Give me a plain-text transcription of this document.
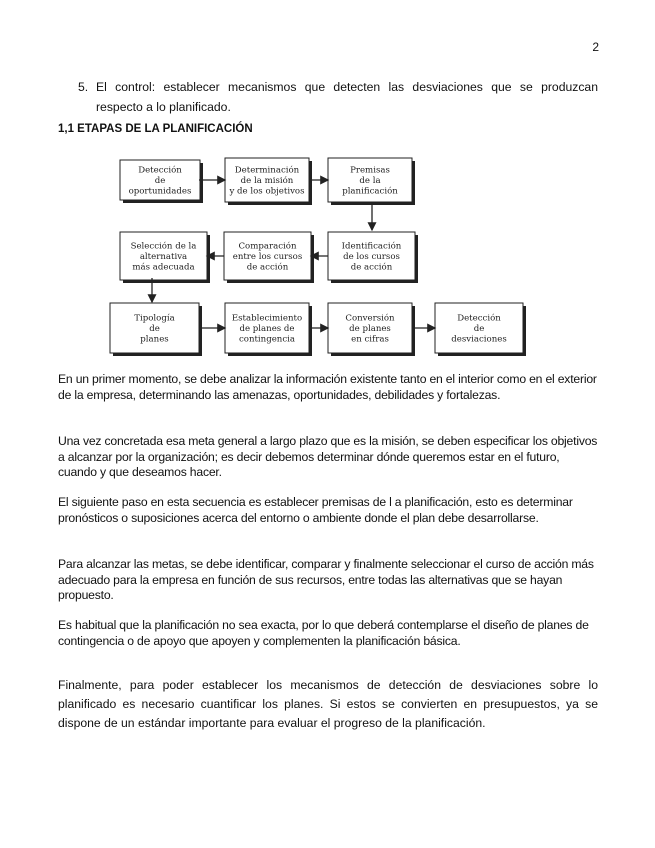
2
5. El control: establecer mecanismos que detecten las desviaciones que se produzcan respecto a lo planificado.
1,1 ETAPAS DE LA PLANIFICACIÓN
Detección
de
oportunidades
Determinación
de la misión
y de los objetivos
Premisas
de la
planificación
Selección de la
alternativa
más adecuada
Comparación
entre los cursos
de acción
Identificación
de los cursos
de acción
Tipología
de
planes
Establecimiento
de planes de
contingencia
Conversión
de planes
en cifras
Detección
de
desviaciones
En un primer momento, se debe analizar la información existente tanto en el interior como en el exterior de la empresa, determinando las amenazas, oportunidades, debilidades y fortalezas.
Una vez concretada esa meta general a largo plazo que es la misión, se deben especificar los objetivos a alcanzar por la organización; es decir debemos determinar dónde queremos estar en el futuro, cuando y que deseamos hacer.
El siguiente paso en esta secuencia es establecer premisas de l a planificación, esto es determinar pronósticos o suposiciones acerca del entorno o ambiente donde el plan debe desarrollarse.
Para alcanzar las metas, se debe identificar, comparar y finalmente seleccionar el curso de acción más adecuado para la empresa en función de sus recursos, entre todas las alternativas que se hayan propuesto.
Es habitual que la planificación no sea exacta, por lo que deberá contemplarse el diseño de planes de contingencia o de apoyo que apoyen y complementen la planificación básica.
Finalmente, para poder establecer los mecanismos de detección de desviaciones sobre lo planificado es necesario cuantificar los planes. Si estos se convierten en presupuestos, ya se dispone de un estándar importante para evaluar el progreso de la planificación.
